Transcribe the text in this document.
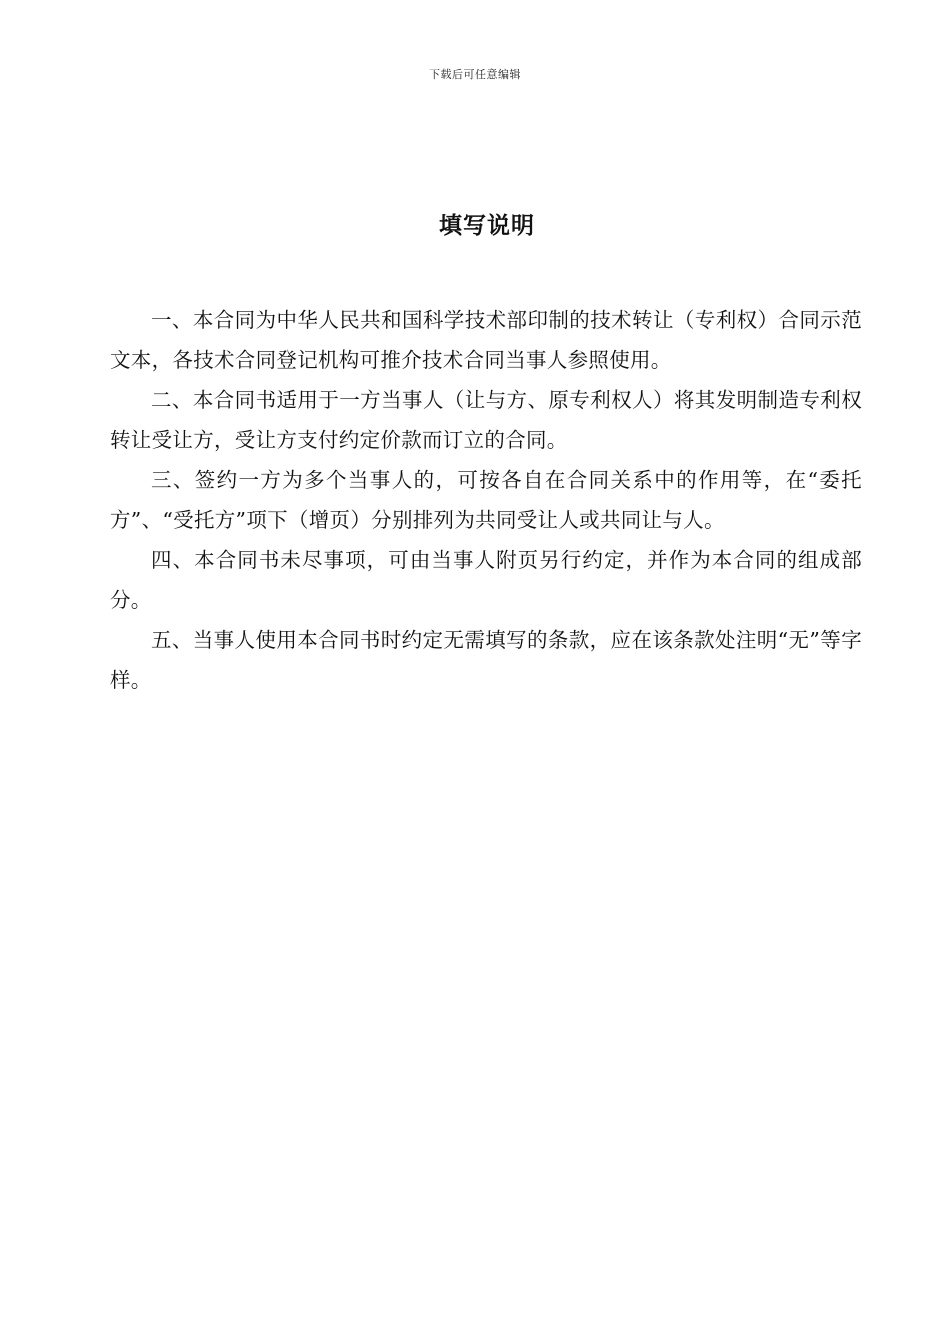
下载后可任意编辑
填写说明

一、本合同为中华人民共和国科学技术部印制的技术转让（专利权）合同示范文本，各技术合同登记机构可推介技术合同当事人参照使用。

二、本合同书适用于一方当事人（让与方、原专利权人）将其发明制造专利权转让受让方，受让方支付约定价款而订立的合同。

三、签约一方为多个当事人的，可按各自在合同关系中的作用等，在“委托方”、“受托方”项下（增页）分别排列为共同受让人或共同让与人。

四、本合同书未尽事项，可由当事人附页另行约定，并作为本合同的组成部分。

五、当事人使用本合同书时约定无需填写的条款，应在该条款处注明“无”等字样。
